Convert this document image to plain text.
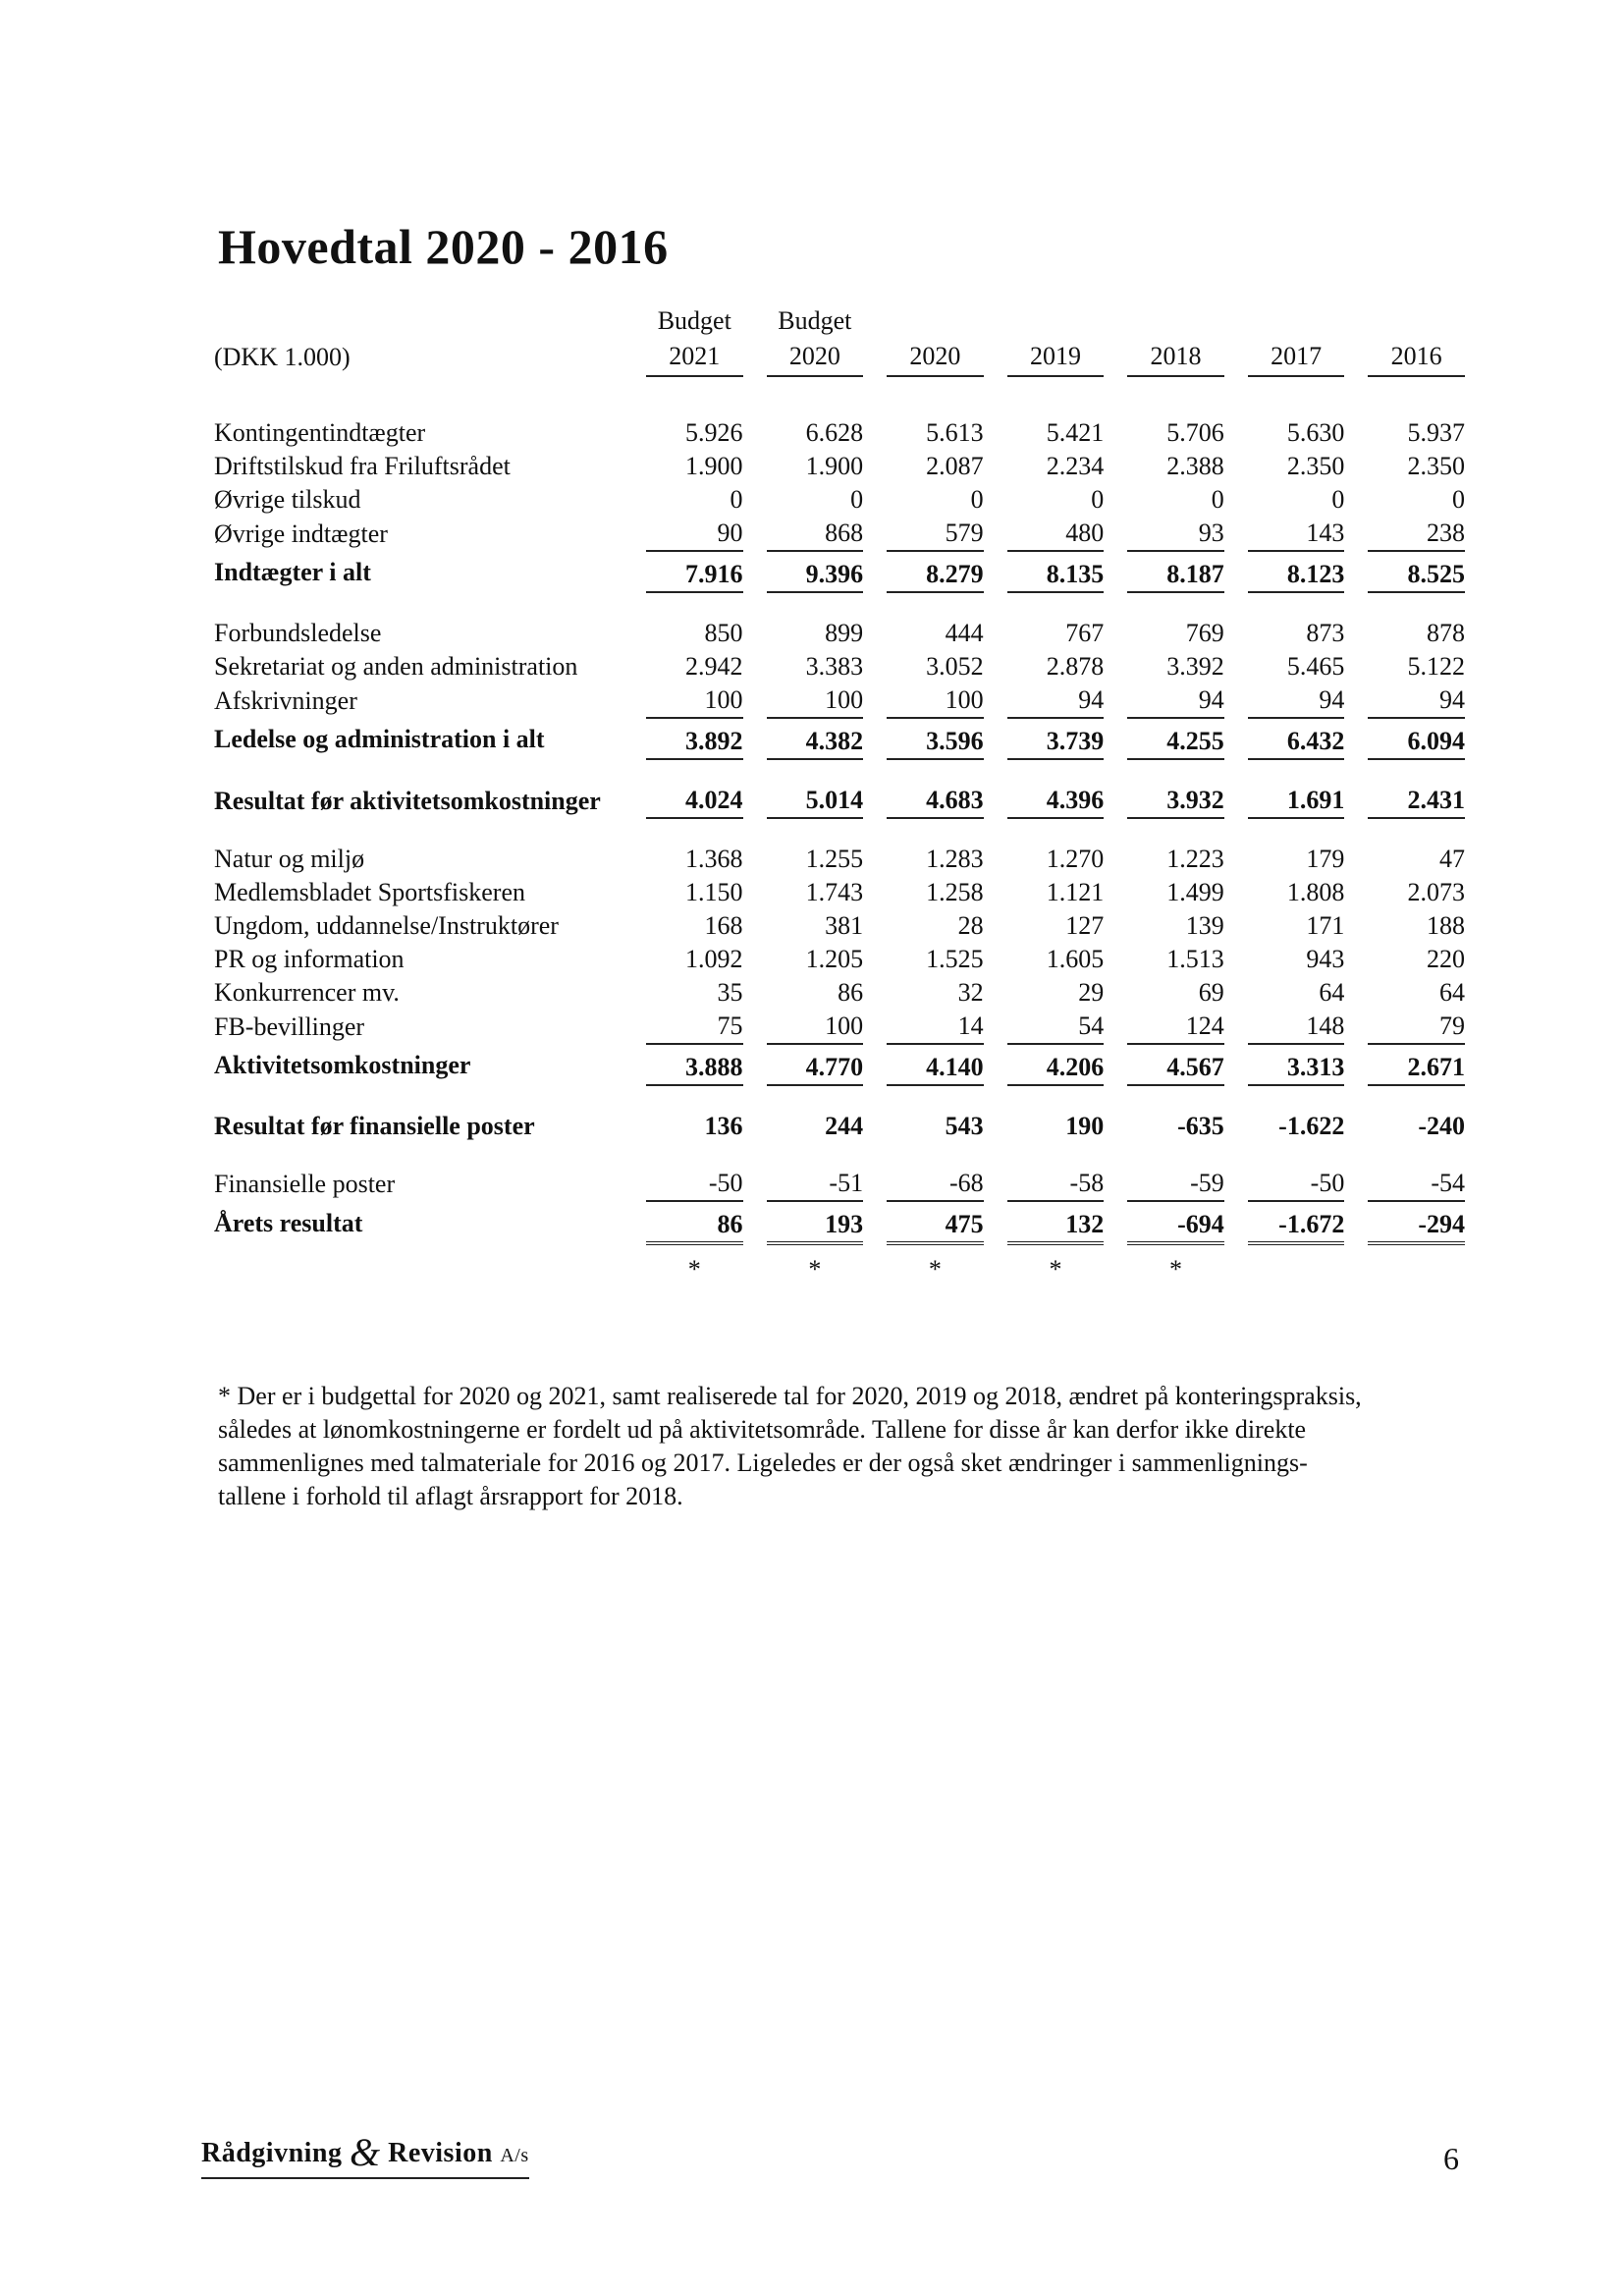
Hovedtal 2020 - 2016

	Budget	Budget					

(DKK 1.000)	2021	2020	2020	2019	2018	2017	2016

Kontingentindtægter	5.926	6.628	5.613	5.421	5.706	5.630	5.937

Driftstilskud fra Friluftsrådet	1.900	1.900	2.087	2.234	2.388	2.350	2.350

Øvrige tilskud	0	0	0	0	0	0	0

Øvrige indtægter	90	868	579	480	93	143	238

Indtægter i alt	7.916	9.396	8.279	8.135	8.187	8.123	8.525

Forbundsledelse	850	899	444	767	769	873	878

Sekretariat og anden administration	2.942	3.383	3.052	2.878	3.392	5.465	5.122

Afskrivninger	100	100	100	94	94	94	94

Ledelse og administration i alt	3.892	4.382	3.596	3.739	4.255	6.432	6.094

Resultat før aktivitetsomkostninger	4.024	5.014	4.683	4.396	3.932	1.691	2.431

Natur og miljø	1.368	1.255	1.283	1.270	1.223	179	47

Medlemsbladet Sportsfiskeren	1.150	1.743	1.258	1.121	1.499	1.808	2.073

Ungdom, uddannelse/Instruktører	168	381	28	127	139	171	188

PR og information	1.092	1.205	1.525	1.605	1.513	943	220

Konkurrencer mv.	35	86	32	29	69	64	64

FB-bevillinger	75	100	14	54	124	148	79

Aktivitetsomkostninger	3.888	4.770	4.140	4.206	4.567	3.313	2.671

Resultat før finansielle poster	136	244	543	190	-635	-1.622	-240

Finansielle poster	-50	-51	-68	-58	-59	-50	-54

Årets resultat	86	193	475	132	-694	-1.672	-294

	*	*	*	*	*		

* Der er i budgettal for 2020 og 2021, samt realiserede tal for 2020, 2019 og 2018, ændret på konteringspraksis,

således at lønomkostningerne er fordelt ud på aktivitetsområde. Tallene for disse år kan derfor ikke direkte

sammenlignes med talmateriale for 2016 og 2017. Ligeledes er der også sket ændringer i sammenlignings-

tallene i forhold til aflagt årsrapport for 2018.

Rådgivning & Revision A/s	6
